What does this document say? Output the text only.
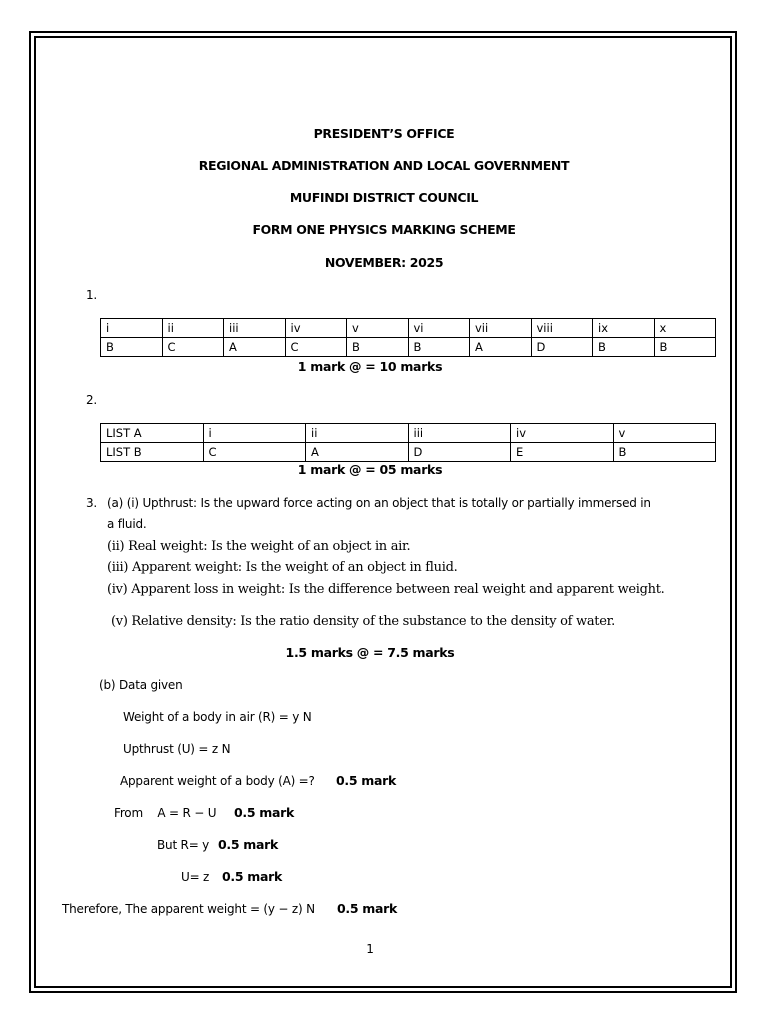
PRESIDENT’S OFFICE
REGIONAL ADMINISTRATION AND LOCAL GOVERNMENT
MUFINDI DISTRICT COUNCIL
FORM ONE PHYSICS MARKING SCHEME
NOVEMBER: 2025
1.
i	ii	iii	iv	v	vi	vii	viii	ix	x
B	C	A	C	B	B	A	D	B	B
1 mark @ = 10 marks
2.
LIST A	i	ii	iii	iv	v
LIST B	C	A	D	E	B
1 mark @ = 05 marks
3. (a) (i) Upthrust: Is the upward force acting on an object that is totally or partially immersed in
a fluid.
(ii) Real weight: Is the weight of an object in air.
(iii) Apparent weight: Is the weight of an object in fluid.
(iv) Apparent loss in weight: Is the difference between real weight and apparent weight.
(v) Relative density: Is the ratio density of the substance to the density of water.
1.5 marks @ = 7.5 marks
(b) Data given
Weight of a body in air (R) = y N
Upthrust (U) = z N
Apparent weight of a body (A) =? 0.5 mark
From    A = R − U 0.5 mark
But R= y 0.5 mark
U= z 0.5 mark
Therefore, The apparent weight = (y − z) N 0.5 mark
1
